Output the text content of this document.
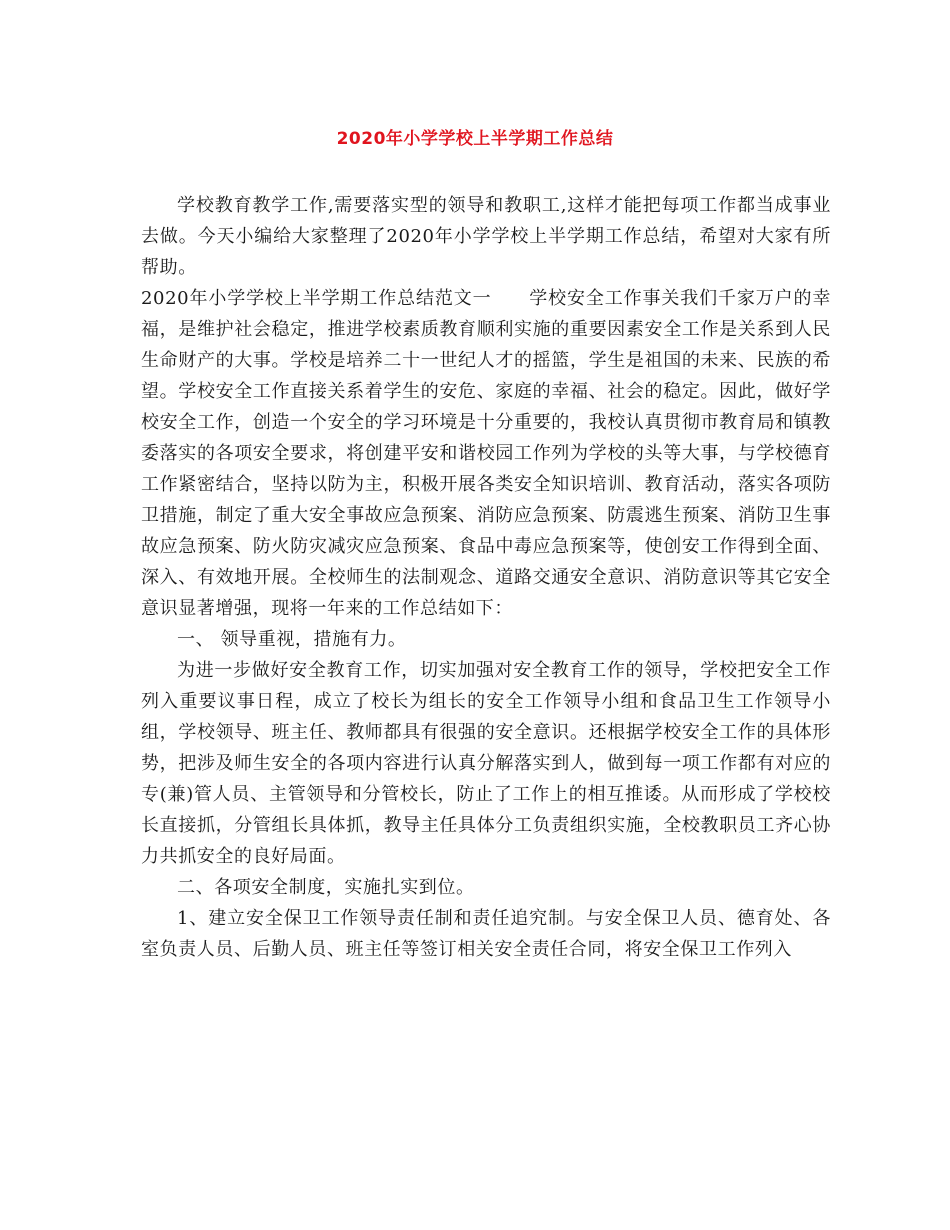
2020年小学学校上半学期工作总结

学校教育教学工作,需要落实型的领导和教职工,这样才能把每项工作都当成事业去做。今天小编给大家整理了2020年小学学校上半学期工作总结，希望对大家有所帮助。

2020年小学学校上半学期工作总结范文一　　学校安全工作事关我们千家万户的幸福，是维护社会稳定，推进学校素质教育顺利实施的重要因素安全工作是关系到人民生命财产的大事。学校是培养二十一世纪人才的摇篮，学生是祖国的未来、民族的希望。学校安全工作直接关系着学生的安危、家庭的幸福、社会的稳定。因此，做好学校安全工作，创造一个安全的学习环境是十分重要的，我校认真贯彻市教育局和镇教委落实的各项安全要求，将创建平安和谐校园工作列为学校的头等大事，与学校德育工作紧密结合，坚持以防为主，积极开展各类安全知识培训、教育活动，落实各项防卫措施，制定了重大安全事故应急预案、消防应急预案、防震逃生预案、消防卫生事故应急预案、防火防灾减灾应急预案、食品中毒应急预案等，使创安工作得到全面、深入、有效地开展。全校师生的法制观念、道路交通安全意识、消防意识等其它安全意识显著增强，现将一年来的工作总结如下：

一、 领导重视，措施有力。

为进一步做好安全教育工作，切实加强对安全教育工作的领导，学校把安全工作列入重要议事日程，成立了校长为组长的安全工作领导小组和食品卫生工作领导小组，学校领导、班主任、教师都具有很强的安全意识。还根据学校安全工作的具体形势，把涉及师生安全的各项内容进行认真分解落实到人，做到每一项工作都有对应的专(兼)管人员、主管领导和分管校长，防止了工作上的相互推诿。从而形成了学校校长直接抓，分管组长具体抓，教导主任具体分工负责组织实施，全校教职员工齐心协力共抓安全的良好局面。

二、各项安全制度，实施扎实到位。

1、建立安全保卫工作领导责任制和责任追究制。与安全保卫人员、德育处、各室负责人员、后勤人员、班主任等签订相关安全责任合同，将安全保卫工作列入
